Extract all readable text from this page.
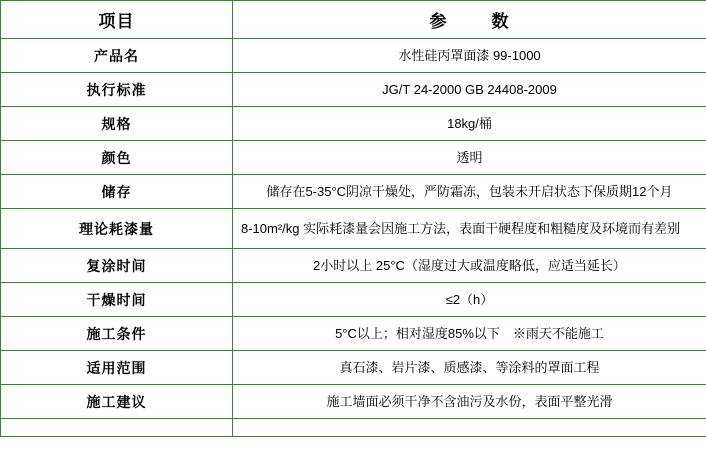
项目	参 数
产品名	水性硅丙罩面漆 99-1000
执行标准	JG/T 24-2000 GB 24408-2009
规格	18kg/桶
颜色	透明
储存	储存在5-35°C阴凉干燥处，严防霜冻，包装未开启状态下保质期12个月
理论耗漆量	8-10m²/kg 实际耗漆量会因施工方法，表面干硬程度和粗糙度及环境而有差别
复涂时间	2小时以上 25°C（湿度过大或温度略低，应适当延长）
干燥时间	≤2（h）
施工条件	5°C以上；相对湿度85%以下　※雨天不能施工
适用范围	真石漆、岩片漆、质感漆、等涂料的罩面工程
施工建议	施工墙面必须干净不含油污及水份，表面平整光滑
